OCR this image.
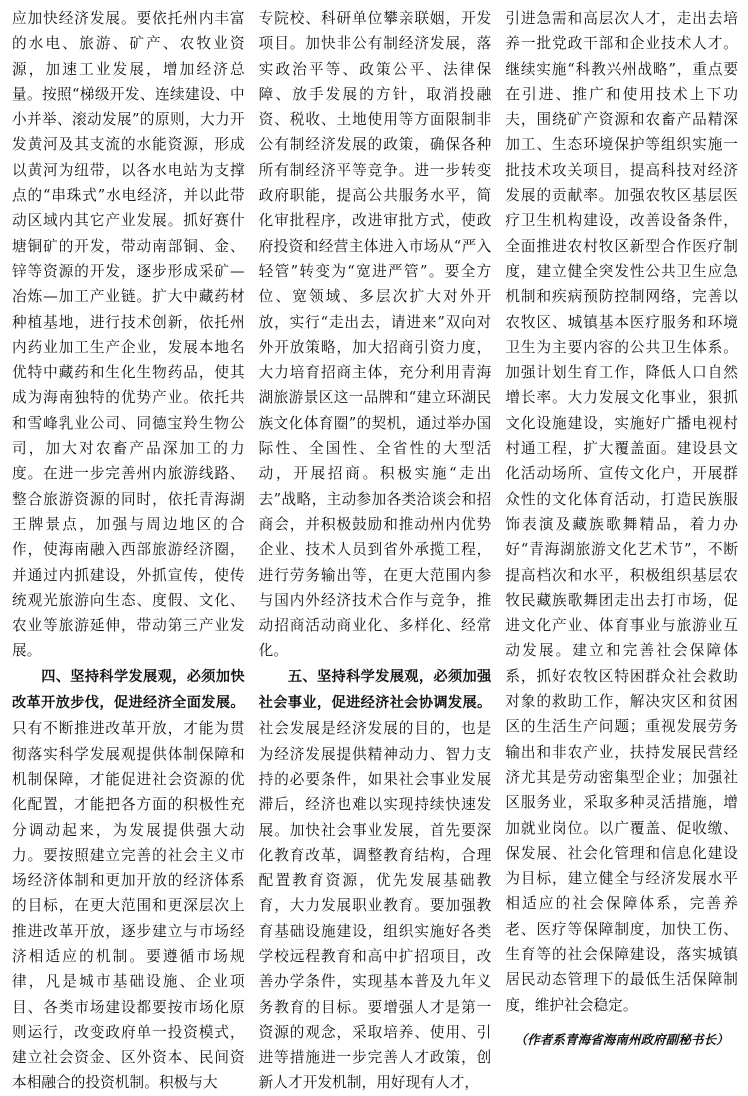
应加快经济发展。要依托州内丰富的水电、旅游、矿产、农牧业资源，加速工业发展，增加经济总量。按照“梯级开发、连续建设、中小并举、滚动发展”的原则，大力开发黄河及其支流的水能资源，形成以黄河为纽带，以各水电站为支撑点的“串珠式”水电经济，并以此带动区域内其它产业发展。抓好赛什塘铜矿的开发，带动南部铜、金、锌等资源的开发，逐步形成采矿—冶炼—加工产业链。扩大中藏药材种植基地，进行技术创新，依托州内药业加工生产企业，发展本地名优特中藏药和生化生物药品，使其成为海南独特的优势产业。依托共和雪峰乳业公司、同德宝羚生物公司，加大对农畜产品深加工的力度。在进一步完善州内旅游线路、整合旅游资源的同时，依托青海湖王牌景点，加强与周边地区的合作，使海南融入西部旅游经济圈，并通过内抓建设，外抓宣传，使传统观光旅游向生态、度假、文化、农业等旅游延伸，带动第三产业发展。

四、坚持科学发展观，必须加快改革开放步伐，促进经济全面发展。只有不断推进改革开放，才能为贯彻落实科学发展观提供体制保障和机制保障，才能促进社会资源的优化配置，才能把各方面的积极性充分调动起来，为发展提供强大动力。要按照建立完善的社会主义市场经济体制和更加开放的经济体系的目标，在更大范围和更深层次上推进改革开放，逐步建立与市场经济相适应的机制。要遵循市场规律，凡是城市基础设施、企业项目、各类市场建设都要按市场化原则运行，改变政府单一投资模式，建立社会资金、区外资本、民间资本相融合的投资机制。积极与大

专院校、科研单位攀亲联姻，开发项目。加快非公有制经济发展，落实政治平等、政策公平、法律保障、放手发展的方针，取消投融资、税收、土地使用等方面限制非公有制经济发展的政策，确保各种所有制经济平等竞争。进一步转变政府职能，提高公共服务水平，简化审批程序，改进审批方式，使政府投资和经营主体进入市场从“严入轻管”转变为“宽进严管”。要全方位、宽领域、多层次扩大对外开放，实行“走出去，请进来”双向对外开放策略，加大招商引资力度，大力培育招商主体，充分利用青海湖旅游景区这一品牌和“建立环湖民族文化体育圈”的契机，通过举办国际性、全国性、全省性的大型活动，开展招商。积极实施“走出去”战略，主动参加各类洽谈会和招商会，并积极鼓励和推动州内优势企业、技术人员到省外承揽工程，进行劳务输出等，在更大范围内参与国内外经济技术合作与竞争，推动招商活动商业化、多样化、经常化。

五、坚持科学发展观，必须加强社会事业，促进经济社会协调发展。社会发展是经济发展的目的，也是为经济发展提供精神动力、智力支持的必要条件，如果社会事业发展滞后，经济也难以实现持续快速发展。加快社会事业发展，首先要深化教育改革，调整教育结构，合理配置教育资源，优先发展基础教育，大力发展职业教育。要加强教育基础设施建设，组织实施好各类学校远程教育和高中扩招项目，改善办学条件，实现基本普及九年义务教育的目标。要增强人才是第一资源的观念，采取培养、使用、引进等措施进一步完善人才政策，创新人才开发机制，用好现有人才，

引进急需和高层次人才，走出去培养一批党政干部和企业技术人才。继续实施“科教兴州战略”，重点要在引进、推广和使用技术上下功夫，围绕矿产资源和农畜产品精深加工、生态环境保护等组织实施一批技术攻关项目，提高科技对经济发展的贡献率。加强农牧区基层医疗卫生机构建设，改善设备条件，全面推进农村牧区新型合作医疗制度，建立健全突发性公共卫生应急机制和疾病预防控制网络，完善以农牧区、城镇基本医疗服务和环境卫生为主要内容的公共卫生体系。加强计划生育工作，降低人口自然增长率。大力发展文化事业，狠抓文化设施建设，实施好广播电视村村通工程，扩大覆盖面。建设县文化活动场所、宣传文化户，开展群众性的文化体育活动，打造民族服饰表演及藏族歌舞精品，着力办好“青海湖旅游文化艺术节”，不断提高档次和水平，积极组织基层农牧民藏族歌舞团走出去打市场，促进文化产业、体育事业与旅游业互动发展。建立和完善社会保障体系，抓好农牧区特困群众社会救助对象的救助工作，解决灾区和贫困区的生活生产问题；重视发展劳务输出和非农产业，扶持发展民营经济尤其是劳动密集型企业；加强社区服务业，采取多种灵活措施，增加就业岗位。以广覆盖、促收缴、保发展、社会化管理和信息化建设为目标，建立健全与经济发展水平相适应的社会保障体系，完善养老、医疗等保障制度，加快工伤、生育等的社会保障建设，落实城镇居民动态管理下的最低生活保障制度，维护社会稳定。

（作者系青海省海南州政府副秘书长）
